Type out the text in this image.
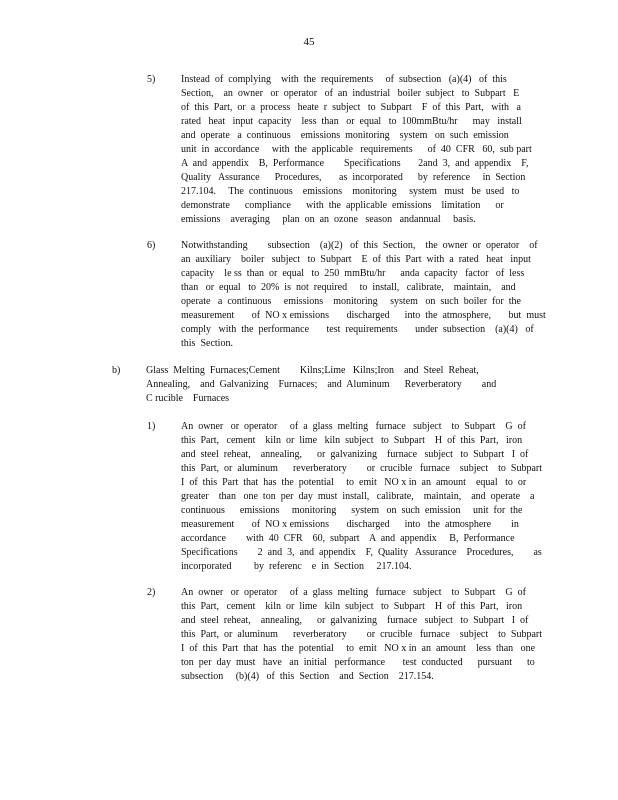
45
5)	Instead  of  complying    with  the  requirements     of  subsection   (a)(4)   of  this
Section,    an  owner   or  operator   of  an  industrial   boiler  subject   to  Subpart   E
of  this  Part,  or  a  process   heate  r  subject   to  Subpart    F  of  this  Part,   with   a
rated   heat   input  capacity    less  than   or  equal   to  100mmBtu/hr      may   install
and  operate   a  continuous    emissions  monitoring    system   on  such  emission
unit  in  accordance     with  the  applicable   requirements      of  40  CFR   60,  sub part
A  and  appendix    B,  Performance        Specifications       2and  3,  and  appendix    F,
Quality   Assurance      Procedures,       as  incorporated      by  reference     in  Section
217.104.     The  continuous    emissions    monitoring     system   must   be  used   to
demonstrate      compliance      with  the  applicable  emissions    limitation      or
emissions    averaging     plan  on  an  ozone   season   andannual     basis.
6)	Notwithstanding        subsection    (a)(2)   of  this  Section,    the  owner  or  operator    of
an  auxiliary    boiler   subject   to  Subpart    E  of  this  Part  with  a  rated   heat   input
capacity    le ss  than  or  equal   to  250  mmBtu/hr      anda  capacity   factor   of  less
than   or  equal   to  20%  is  not  required     to  install,   calibrate,    maintain,    and
operate   a  continuous     emissions    monitoring     system   on  such  boiler  for  the
measurement       of  NO x emissions       discharged      into  the  atmosphere,       but  must
comply   with  the  performance       test  requirements       under  subsection    (a)(4)   of
this  Section.
b)	Glass  Melting  Furnaces;Cement        Kilns;Lime   Kilns;Iron    and  Steel  Reheat,
Annealing,    and  Galvanizing    Furnaces;    and  Aluminum      Reverberatory        and
C rucible    Furnaces
1)	An  owner   or  operator     of  a  glass  melting   furnace   subject    to  Subpart    G  of
this  Part,   cement    kiln  or  lime   kiln  subject   to  Subpart    H  of  this  Part,   iron
and  steel  reheat,    annealing,      or  galvanizing    furnace   subject   to  Subpart   I  of
this  Part,  or  aluminum      reverberatory        or  crucible   furnace    subject    to  Subpart
I  of  this  Part  that  has  the  potential     to  emit   NO x in  an  amount    equal   to  or
greater    than   one  ton  per  day  must  install,   calibrate,    maintain,    and  operate    a
continuous      emissions     monitoring      system   on  such  emission     unit  for  the
measurement       of  NO x emissions       discharged      into   the  atmosphere        in
accordance        with  40  CFR    60,  subpart    A  and  appendix     B,  Performance
Specifications        2  and  3,  and  appendix    F,  Quality   Assurance    Procedures,        as
incorporated         by  referenc    e  in  Section     217.104.
2)	An  owner   or  operator     of  a  glass  melting   furnace   subject    to  Subpart    G  of
this  Part,   cement    kiln  or  lime   kiln  subject   to  Subpart    H  of  this  Part,   iron
and  steel  reheat,    annealing,      or  galvanizing    furnace   subject   to  Subpart   I  of
this  Part,  or  aluminum      reverberatory        or  crucible   furnace    subject    to  Subpart
I  of  this  Part  that  has  the  potential     to  emit   NO x in  an  amount    less  than   one
ton  per  day  must   have   an  initial   performance       test  conducted      pursuant      to
subsection     (b)(4)   of  this  Section    and  Section    217.154.
